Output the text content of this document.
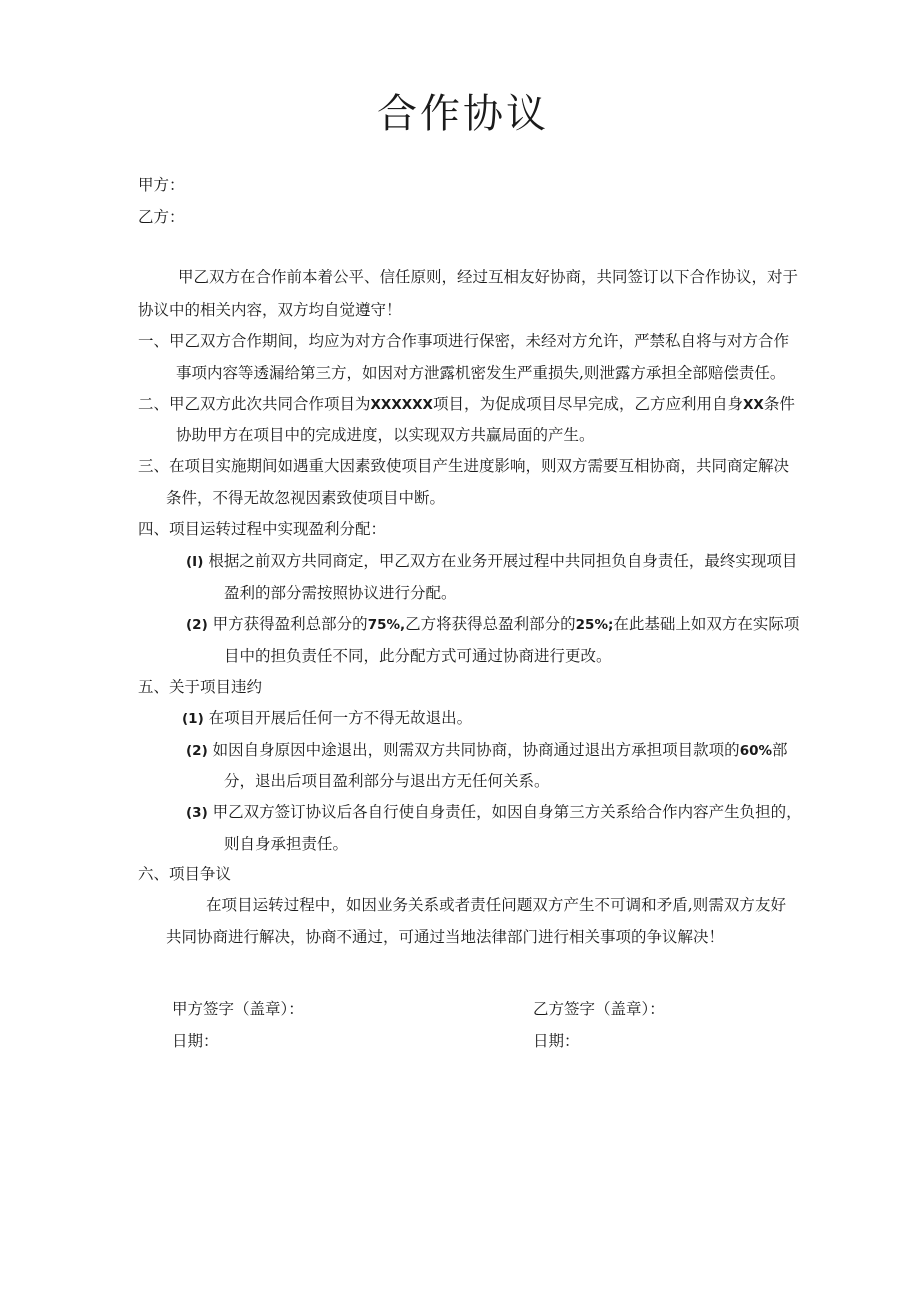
合作协议
甲方：
乙方：
甲乙双方在合作前本着公平、信任原则，经过互相友好协商，共同签订以下合作协议，对于
协议中的相关内容，双方均自觉遵守！
一、甲乙双方合作期间，均应为对方合作事项进行保密，未经对方允许，严禁私自将与对方合作
事项内容等透漏给第三方，如因对方泄露机密发生严重损失,则泄露方承担全部赔偿责任。
二、甲乙双方此次共同合作项目为XXXXXX项目，为促成项目尽早完成，乙方应利用自身XX条件
协助甲方在项目中的完成进度，以实现双方共赢局面的产生。
三、在项目实施期间如遇重大因素致使项目产生进度影响，则双方需要互相协商，共同商定解决
条件，不得无故忽视因素致使项目中断。
四、项目运转过程中实现盈利分配：
(I) 根据之前双方共同商定，甲乙双方在业务开展过程中共同担负自身责任，最终实现项目
盈利的部分需按照协议进行分配。
(2) 甲方获得盈利总部分的75%,乙方将获得总盈利部分的25%;在此基础上如双方在实际项
目中的担负责任不同，此分配方式可通过协商进行更改。
五、关于项目违约
(1) 在项目开展后任何一方不得无故退出。
(2) 如因自身原因中途退出，则需双方共同协商，协商通过退出方承担项目款项的60%部
分，退出后项目盈利部分与退出方无任何关系。
(3) 甲乙双方签订协议后各自行使自身责任，如因自身第三方关系给合作内容产生负担的，
则自身承担责任。
六、项目争议
在项目运转过程中，如因业务关系或者责任问题双方产生不可调和矛盾,则需双方友好
共同协商进行解决，协商不通过，可通过当地法律部门进行相关事项的争议解决！
甲方签字（盖章）：
日期：
乙方签字（盖章）：
日期：
